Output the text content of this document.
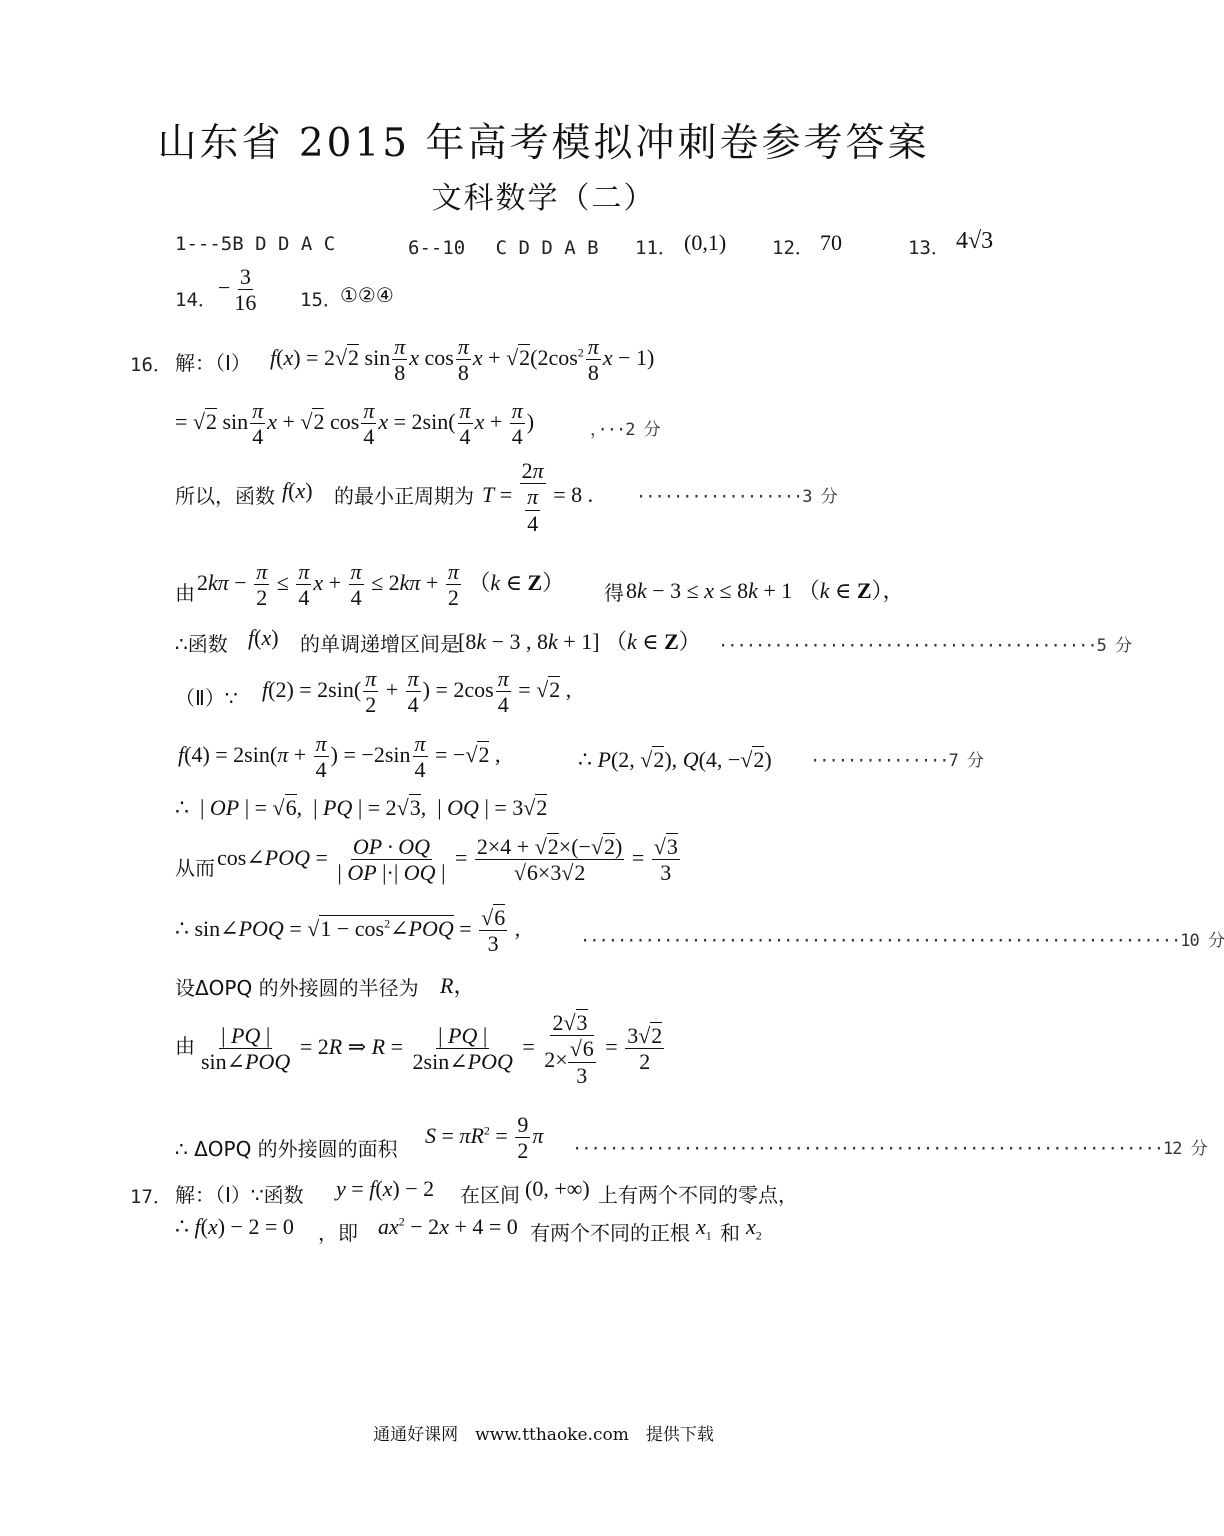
山东省 2015 年高考模拟冲刺卷参考答案
文科数学（二）
1---5B D D A C	6--10　 C D D A B 11． (0,1) 12． 70	13． 4√3
14．
− $\frac{3}{16} 15$．
①②④
16． 解：（Ⅰ） f(x) = 2√ 2 $\sin \frac{\pi}{8}$ x $\cos \frac{\pi}{8}$ x + √ $2(2\cos^2 \frac{\pi}{8}$ x − 1)
= √ 2 $\sin \frac{\pi}{4}$ x + √ 2 $\cos \frac{\pi}{4}$ $x = 2\sin( \frac{\pi}{4}$ $x + \frac{\pi}{4}$ )	，···2 分
所以，函数 f(x) 的最小正周期为 $T = \frac{2\pi}{\frac{\pi}{4}} = 8$ .	··················3 分
由 $2k\pi - \frac{\pi}{2} \le \frac{\pi}{4}$ $x + \frac{\pi}{4} \le 2k\pi + \frac{\pi}{2} (k$ ∈ Z） 得 8k − 3 ≤ x ≤ 8k + 1 （k ∈ Z），
∴函数 f(x) 的单调递增区间是
[8k − 3 , 8k + 1] （k ∈ Z） ·········································5 分
（Ⅱ）∵ $f(2) = 2\sin( \frac{\pi}{2} + \frac{\pi}{4}$ ) = $2\cos \frac{\pi}{4}$ = √ 2 ,
$f(4) = 2\sin(\pi + \frac{\pi}{4}$ ) = $-2\sin \frac{\pi}{4}$ = −√ 2 ,	∴ P(2, √ 2), Q(4, −√ 2) ···············7 分
∴  | OP | = √ 6,  | PQ | = 2√ 3,  | OQ | = 3√ 2
从而 cos∠POQ = $\frac{OP \cdot OQ}{| OP |\cdot| OQ |} = 2\times 4$ + √ 2×(−√ 2)
√ 6×3√ 2 =
√ $\frac{3}{3}$
∴ sin∠POQ = √ $1 - \cos^2\angle POQ$ =
√ $\frac{6}{3}$ ,
·································································10 分
设ΔOPQ 的外接圆的半径为 R，
由 $\frac{| PQ |}{\text{sin∠POQ}} = 2R$ ⇒ $R = \frac{| PQ |}{\text{2sin∠POQ}} = 2√$ 3
2×
√ $\frac{6}{3} = \frac{3√ 2}{2}$
∴ ΔOPQ 的外接圆的面积
$S = \pi R^2 = \frac{9}{2}$ π
································································12 分
17． 解：（Ⅰ）∵函数 y = f(x) − 2 在区间 (0, +∞) 上有两个不同的零点，
∴ f(x) − 2 = 0 ，即 $ax^2 - 2x + 4 = 0$ 有两个不同的正根 $x_1$ 和 $x_2$
通通好课网　www.tthaoke.com　提供下载
